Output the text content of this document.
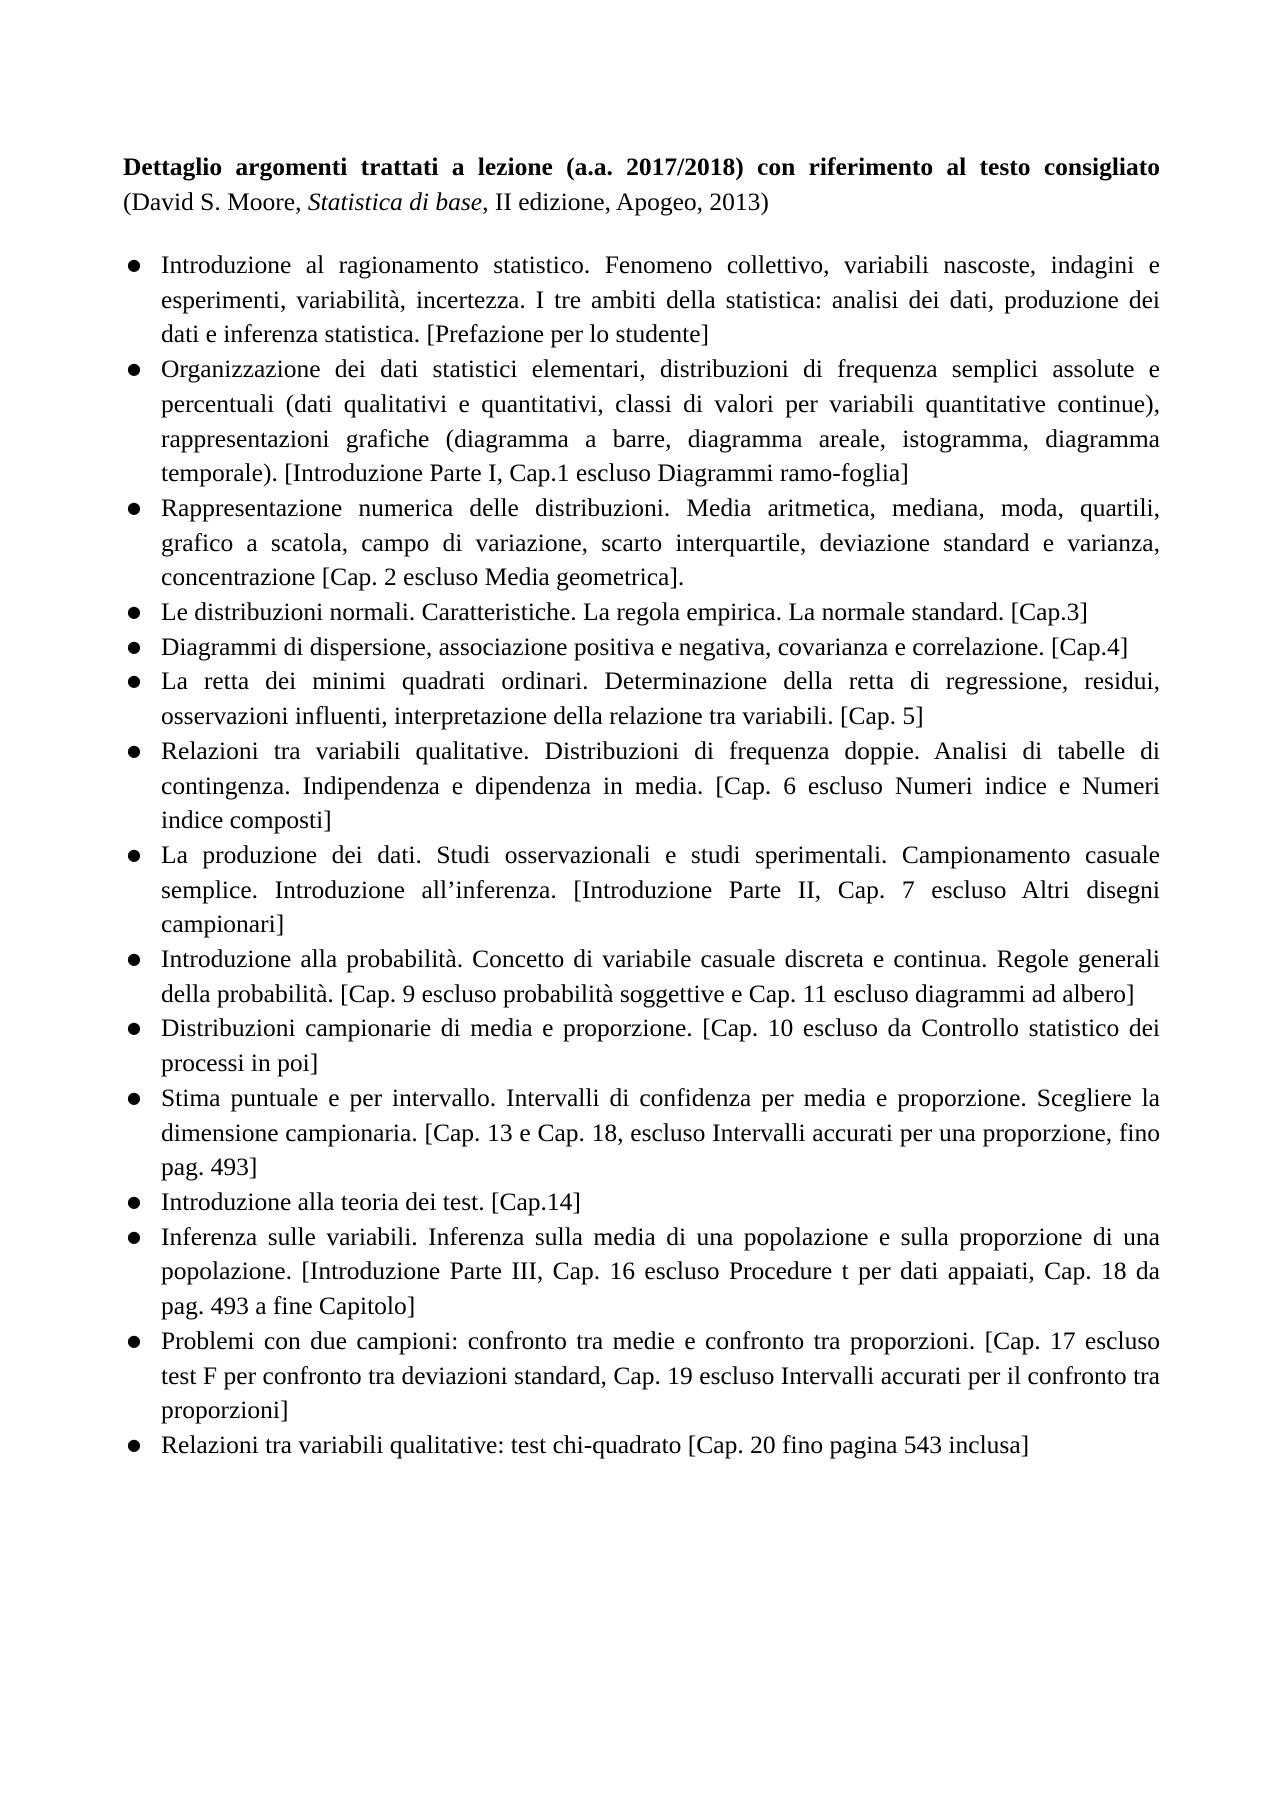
Dettaglio argomenti trattati a lezione (a.a. 2017/2018) con riferimento al testo consigliato (David S. Moore, Statistica di base, II edizione, Apogeo, 2013)

● Introduzione al ragionamento statistico. Fenomeno collettivo, variabili nascoste, indagini e esperimenti, variabilità, incertezza. I tre ambiti della statistica: analisi dei dati, produzione dei dati e inferenza statistica. [Prefazione per lo studente]
● Organizzazione dei dati statistici elementari, distribuzioni di frequenza semplici assolute e percentuali (dati qualitativi e quantitativi, classi di valori per variabili quantitative continue), rappresentazioni grafiche (diagramma a barre, diagramma areale, istogramma, diagramma temporale). [Introduzione Parte I, Cap.1 escluso Diagrammi ramo-foglia]
● Rappresentazione numerica delle distribuzioni. Media aritmetica, mediana, moda, quartili, grafico a scatola, campo di variazione, scarto interquartile, deviazione standard e varianza, concentrazione [Cap. 2 escluso Media geometrica].
● Le distribuzioni normali. Caratteristiche. La regola empirica. La normale standard. [Cap.3]
● Diagrammi di dispersione, associazione positiva e negativa, covarianza e correlazione. [Cap.4]
● La retta dei minimi quadrati ordinari. Determinazione della retta di regressione, residui, osservazioni influenti, interpretazione della relazione tra variabili. [Cap. 5]
● Relazioni tra variabili qualitative. Distribuzioni di frequenza doppie. Analisi di tabelle di contingenza. Indipendenza e dipendenza in media. [Cap. 6 escluso Numeri indice e Numeri indice composti]
● La produzione dei dati. Studi osservazionali e studi sperimentali. Campionamento casuale semplice. Introduzione all’inferenza. [Introduzione Parte II, Cap. 7 escluso Altri disegni campionari]
● Introduzione alla probabilità. Concetto di variabile casuale discreta e continua. Regole generali della probabilità. [Cap. 9 escluso probabilità soggettive e Cap. 11 escluso diagrammi ad albero]
● Distribuzioni campionarie di media e proporzione. [Cap. 10 escluso da Controllo statistico dei processi in poi]
● Stima puntuale e per intervallo. Intervalli di confidenza per media e proporzione. Scegliere la dimensione campionaria. [Cap. 13 e Cap. 18, escluso Intervalli accurati per una proporzione, fino pag. 493]
● Introduzione alla teoria dei test. [Cap.14]
● Inferenza sulle variabili. Inferenza sulla media di una popolazione e sulla proporzione di una popolazione. [Introduzione Parte III, Cap. 16 escluso Procedure t per dati appaiati, Cap. 18 da pag. 493 a fine Capitolo]
● Problemi con due campioni: confronto tra medie e confronto tra proporzioni. [Cap. 17 escluso test F per confronto tra deviazioni standard, Cap. 19 escluso Intervalli accurati per il confronto tra proporzioni]
● Relazioni tra variabili qualitative: test chi-quadrato [Cap. 20 fino pagina 543 inclusa]
